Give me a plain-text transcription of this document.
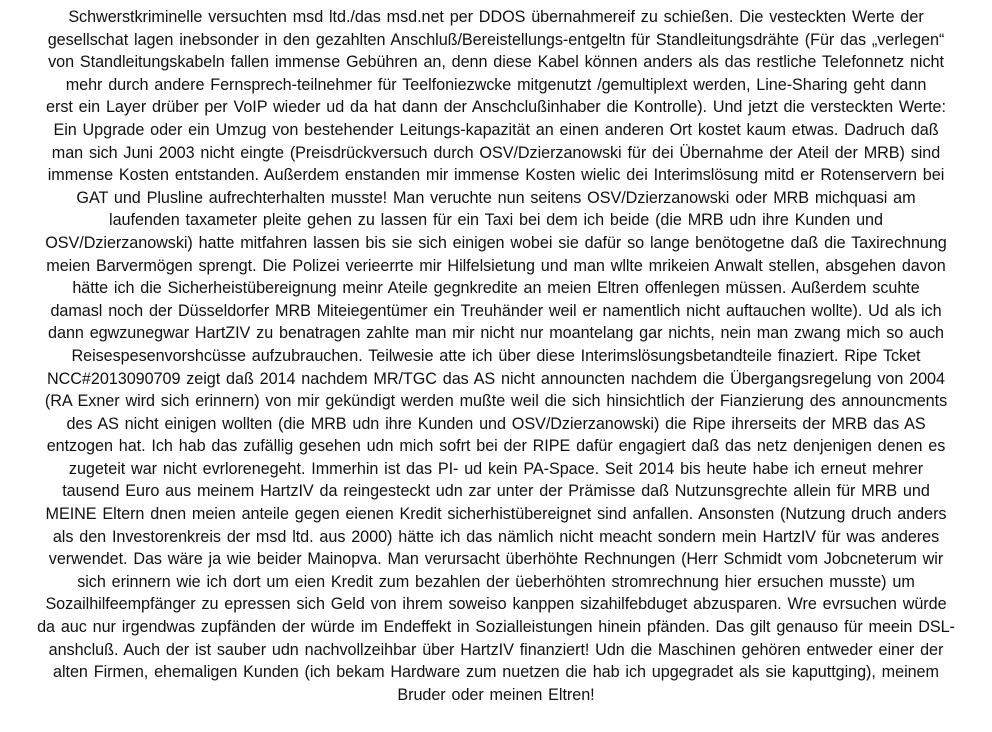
Schwerstkriminelle versuchten msd ltd./das msd.net per DDOS übernahmereif zu schießen. Die vesteckten Werte der
gesellschat lagen inebsonder in den gezahlten Anschluß/Bereistellungs-entgeltn für Standleitungsdrähte (Für das „verlegen“
von Standleitungskabeln fallen immense Gebühren an, denn diese Kabel können anders als das restliche Telefonnetz nicht
mehr durch andere Fernsprech-teilnehmer für Teelfoniezwcke mitgenutzt /gemultiplext werden, Line-Sharing geht dann
erst ein Layer drüber per VoIP wieder ud da hat dann der Anschclußinhaber die Kontrolle). Und jetzt die versteckten Werte:
Ein Upgrade oder ein Umzug von bestehender Leitungs-kapazität an einen anderen Ort kostet kaum etwas. Dadruch daß
man sich Juni 2003 nicht eingte (Preisdrückversuch durch OSV/Dzierzanowski für dei Übernahme der Ateil der MRB) sind
immense Kosten entstanden. Außerdem enstanden mir immense Kosten wielic dei Interimslösung mitd er Rotenservern bei
GAT und Plusline aufrechterhalten musste! Man veruchte nun seitens OSV/Dzierzanowski oder MRB michquasi am
laufenden taxameter pleite gehen zu lassen für ein Taxi bei dem ich beide (die MRB udn ihre Kunden und
OSV/Dzierzanowski) hatte mitfahren lassen bis sie sich einigen wobei sie dafür so lange benötogetne daß die Taxirechnung
meien Barvermögen sprengt. Die Polizei verieerrte mir Hilfelsietung und man wllte mrikeien Anwalt stellen, absgehen davon
hätte ich die Sicherheistübereignung meinr Ateile gegnkredite an meien Eltren offenlegen müssen. Außerdem scuhte
damasl noch der Düsseldorfer MRB Miteiegentümer ein Treuhänder weil er namentlich nicht auftauchen wollte). Ud als ich
dann egwzunegwar HartZIV zu benatragen zahlte man mir nicht nur moantelang gar nichts, nein man zwang mich so auch
Reisespesenvorshcüsse aufzubrauchen. Teilwesie atte ich über diese Interimslösungsbetandteile finaziert. Ripe Tcket
NCC#2013090709 zeigt daß 2014 nachdem MR/TGC das AS nicht announcten nachdem die Übergangsregelung von 2004
(RA Exner wird sich erinnern) von mir gekündigt werden mußte weil die sich hinsichtlich der Fianzierung des announcments
des AS nicht einigen wollten (die MRB udn ihre Kunden und OSV/Dzierzanowski) die Ripe ihrerseits der MRB das AS
entzogen hat. Ich hab das zufällig gesehen udn mich sofrt bei der RIPE dafür engagiert daß das netz denjenigen denen es
zugeteit war nicht evrlorenegeht. Immerhin ist das PI- ud kein PA-Space. Seit 2014 bis heute habe ich erneut mehrer
tausend Euro aus meinem HartzIV da reingesteckt udn zar unter der Prämisse daß Nutzunsgrechte allein für MRB und
MEINE Eltern dnen meien anteile gegen eienen Kredit sicherhistübereignet sind anfallen. Ansonsten (Nutzung druch anders
als den Investorenkreis der msd ltd. aus 2000) hätte ich das nämlich nicht meacht sondern mein HartzIV für was anderes
verwendet. Das wäre ja wie beider Mainopva. Man verursacht überhöhte Rechnungen (Herr Schmidt vom Jobcneterum wir
sich erinnern wie ich dort um eien Kredit zum bezahlen der üeberhöhten stromrechnung hier ersuchen musste) um
Sozailhilfeempfänger zu epressen sich Geld von ihrem soweiso kanppen sizahilfebduget abzusparen. Wre evrsuchen würde
da auc nur irgendwas zupfänden der würde im Endeffekt in Sozialleistungen hinein pfänden. Das gilt genauso für meein DSL-
anshcluß. Auch der ist sauber udn nachvollzeihbar über HartzIV finanziert! Udn die Maschinen gehören entweder einer der
alten Firmen, ehemaligen Kunden (ich bekam Hardware zum nuetzen die hab ich upgegradet als sie kaputtging), meinem
Bruder oder meinen Eltren!
